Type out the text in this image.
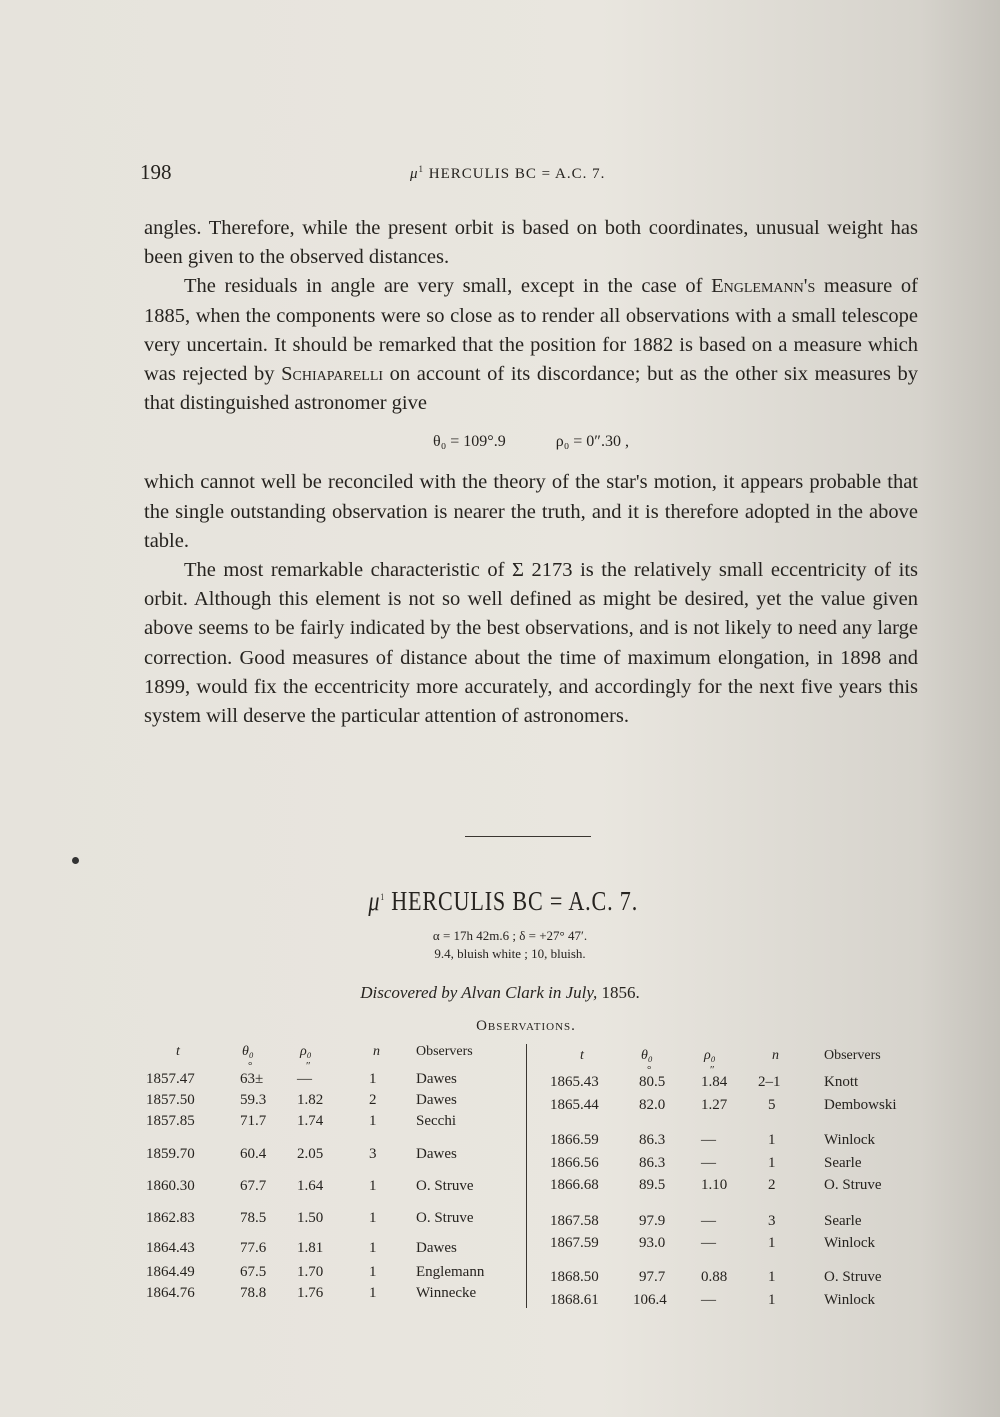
198	$\mu^1$ HERCULIS BC = A.C. 7.

angles. Therefore, while the present orbit is based on both coordinates, unusual weight has been given to the observed distances.

The residuals in angle are very small, except in the case of Englemann's measure of 1885, when the components were so close as to render all observations with a small telescope very uncertain. It should be remarked that the position for 1882 is based on a measure which was rejected by Schiaparelli on account of its discordance; but as the other six measures by that distinguished astronomer give

θ₀ = 109°.9	ρ₀ = 0″.30 ,

which cannot well be reconciled with the theory of the star's motion, it appears probable that the single outstanding observation is nearer the truth, and it is therefore adopted in the above table.

The most remarkable characteristic of Σ 2173 is the relatively small eccentricity of its orbit. Although this element is not so well defined as might be desired, yet the value given above seems to be fairly indicated by the best observations, and is not likely to need any large correction. Good measures of distance about the time of maximum elongation, in 1898 and 1899, would fix the eccentricity more accurately, and accordingly for the next five years this system will deserve the particular attention of astronomers.

$\mu^1$ HERCULIS BC = A.C. 7.
α = 17h 42m.6 ; δ = +27° 47′.
9.4, bluish white ; 10, bluish.
Discovered by Alvan Clark in July, 1856.
Observations.
t	θ₀	ρ₀	n	Observers
°	″
1857.47	63± —	1	Dawes
1857.50	59.3 1.82	2	Dawes
1857.85	71.7 1.74	1	Secchi
1859.70	60.4 2.05	3	Dawes
1860.30	67.7 1.64	1	O. Struve
1862.83	78.5 1.50	1	O. Struve
1864.43	77.6 1.81	1	Dawes
1864.49	67.5 1.70	1	Englemann
1864.76	78.8 1.76	1	Winnecke
t	θ₀	ρ₀	n	Observers
°	″
1865.43	80.5 1.84 2–1	Knott
1865.44	82.0 1.27	5	Dembowski
1866.59	86.3 —	1	Winlock
1866.56	86.3 —	1	Searle
1866.68	89.5 1.10	2	O. Struve
1867.58	97.9 —	3	Searle
1867.59	93.0 —	1	Winlock
1868.50	97.7 0.88	1	O. Struve
1868.61 106.4 —	1	Winlock
